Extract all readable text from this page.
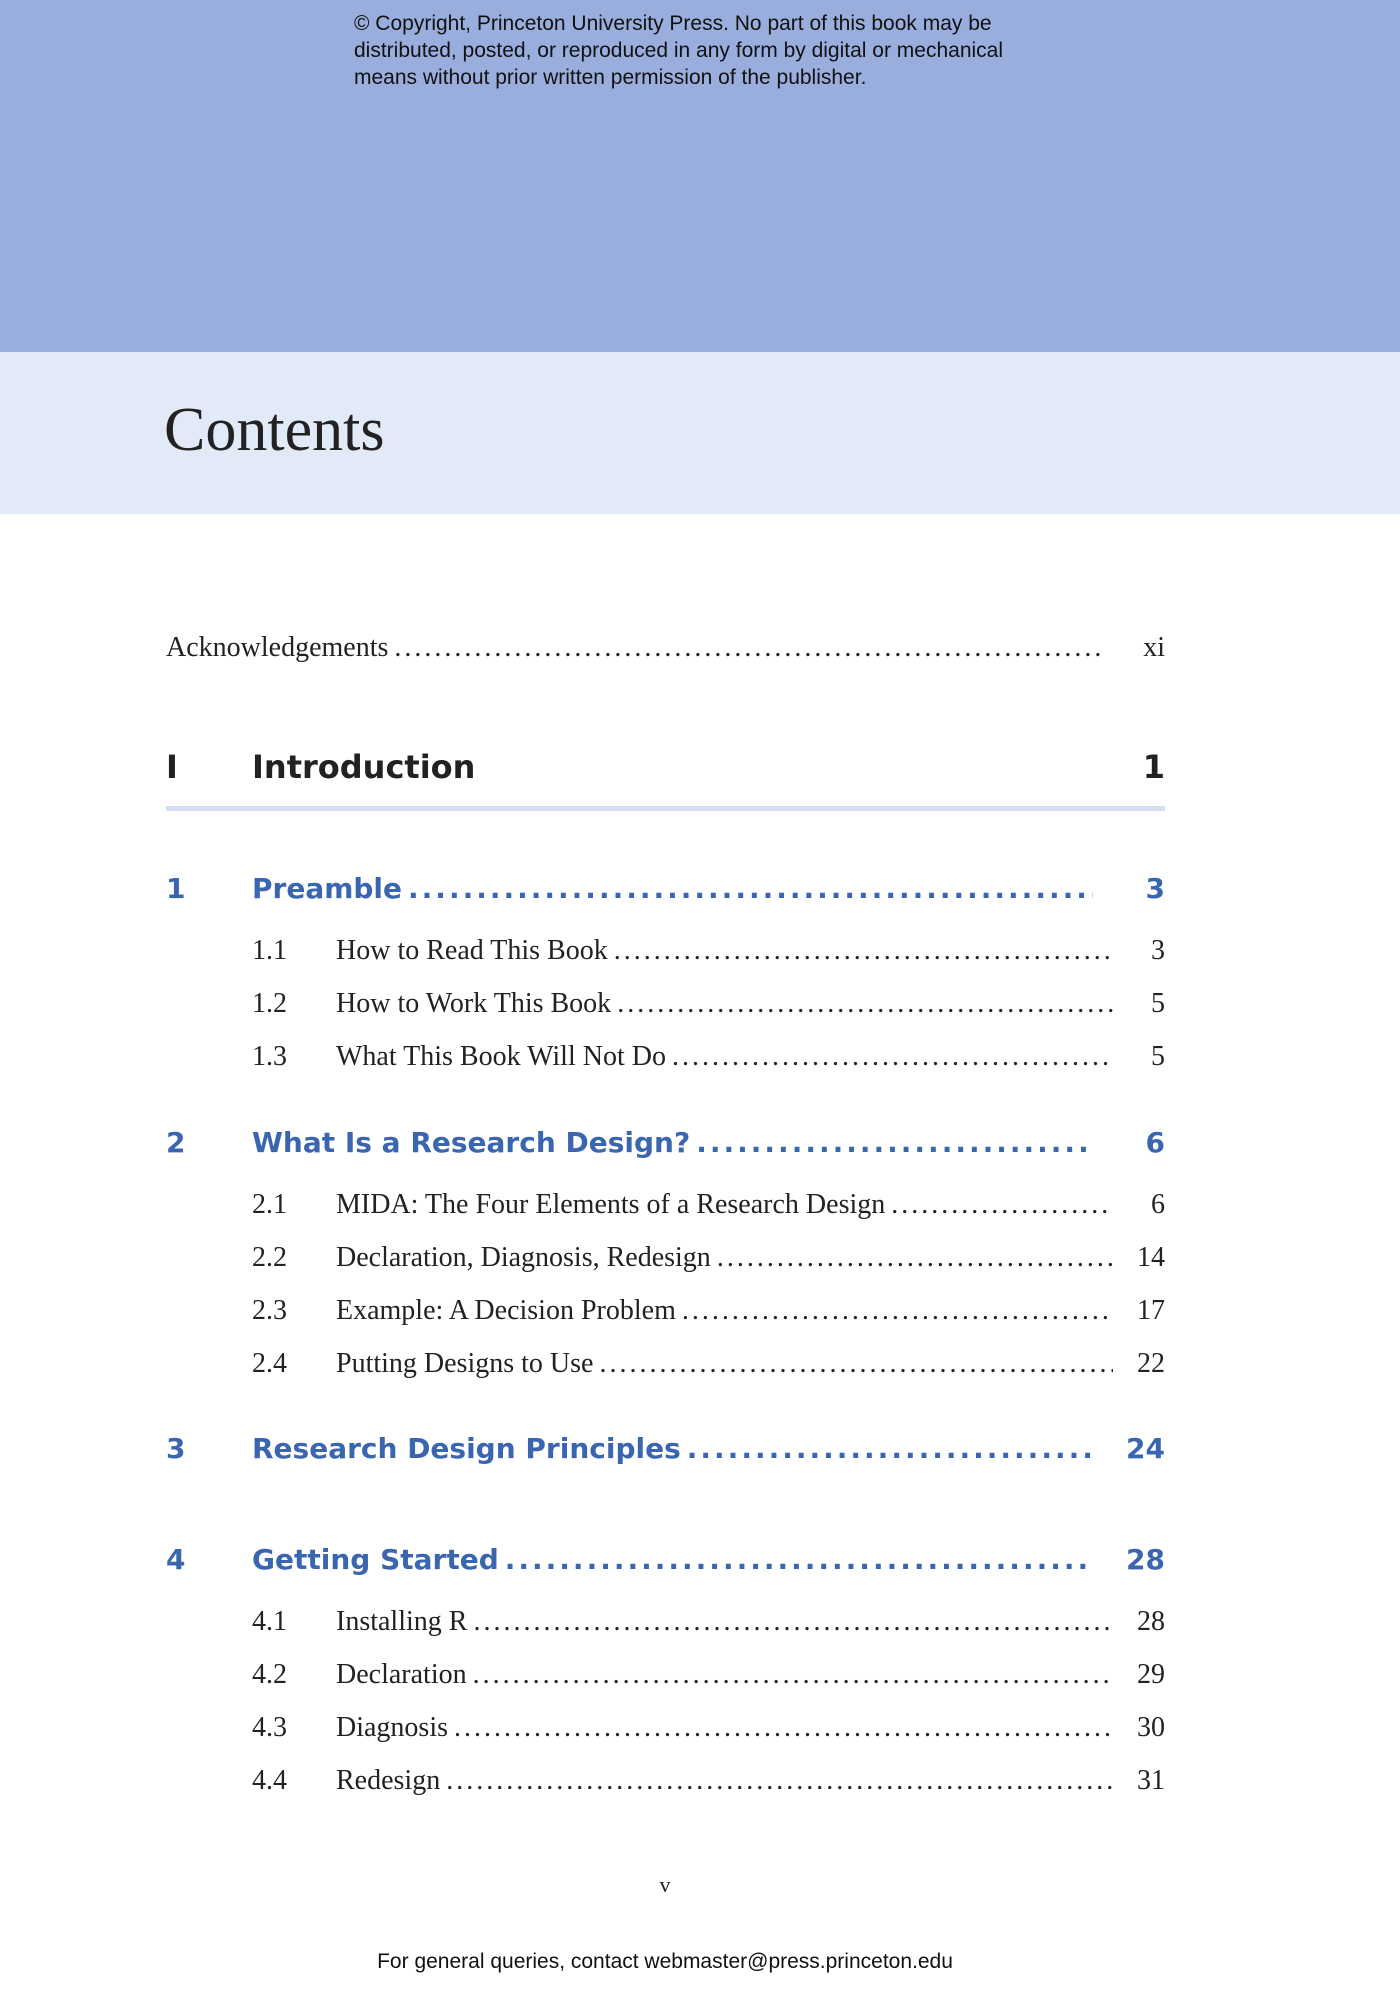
© Copyright, Princeton University Press. No part of this book may be
distributed, posted, or reproduced in any form by digital or mechanical
means without prior written permission of the publisher.
Contents
Acknowledgements .....	xi
I	Introduction	1
1	Preamble .....	3
1.1	How to Read This Book .....	3
1.2	How to Work This Book .....	5
1.3	What This Book Will Not Do .....	5
2	What Is a Research Design? .....	6
2.1	MIDA: The Four Elements of a Research Design .....	6
2.2	Declaration, Diagnosis, Redesign .....	14
2.3	Example: A Decision Problem .....	17
2.4	Putting Designs to Use .....	22
3	Research Design Principles .....	24
4	Getting Started .....	28
4.1	Installing R .....	28
4.2	Declaration .....	29
4.3	Diagnosis .....	30
4.4	Redesign .....	31
v
For general queries, contact webmaster@press.princeton.edu
